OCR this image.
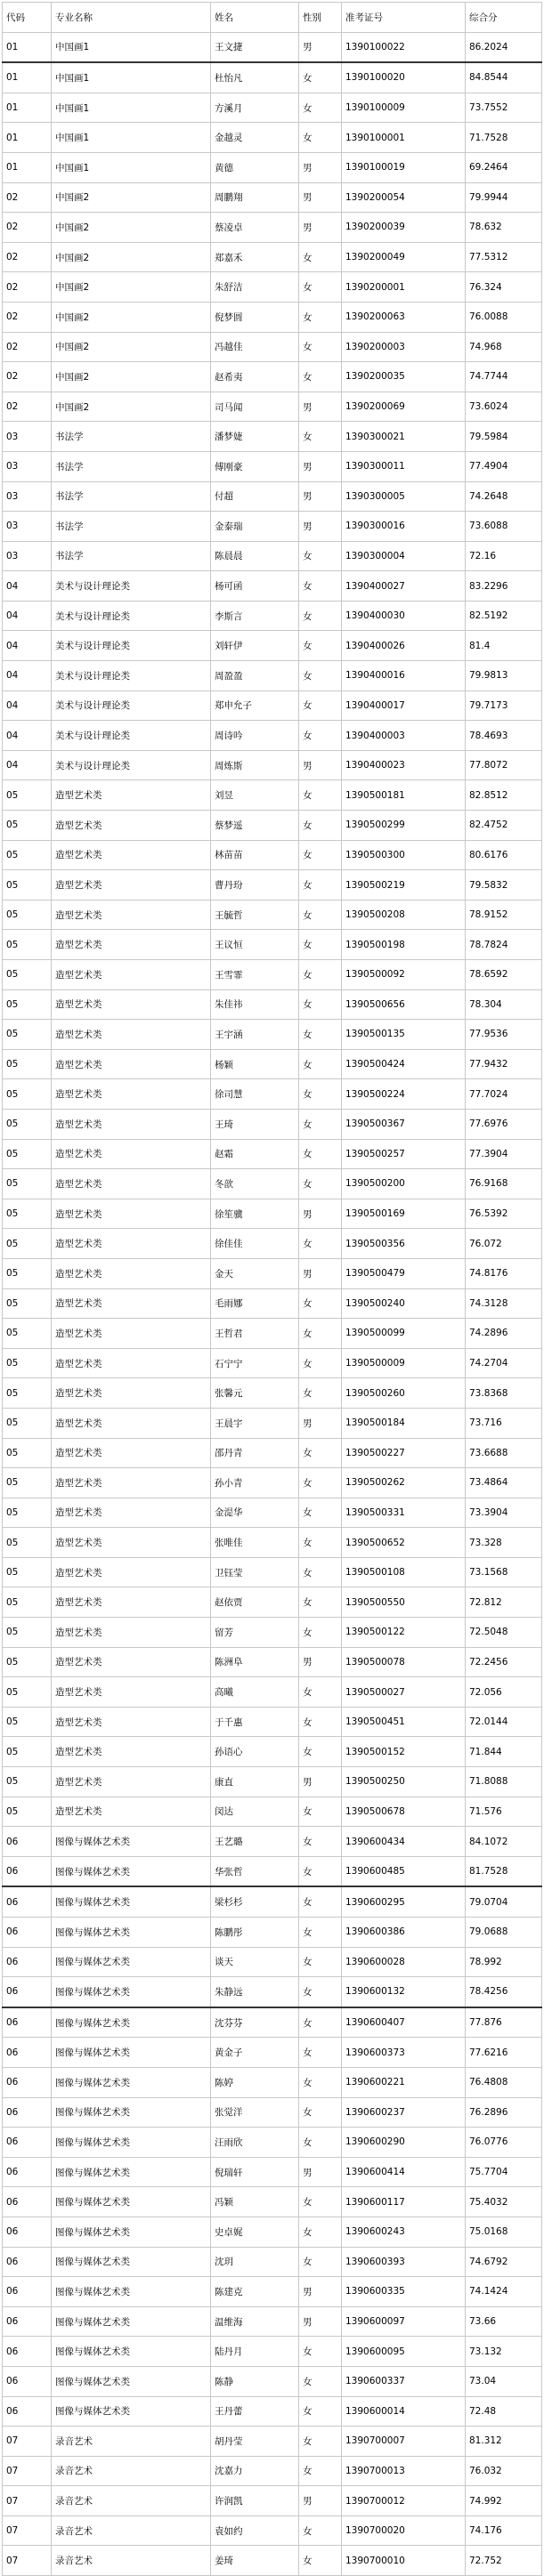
代码	专业名称	姓名	性别	准考证号	综合分
01	中国画1	王文捷	男	1390100022	86.2024
01	中国画1	杜怡凡	女	1390100020	84.8544
01	中国画1	方溪月	女	1390100009	73.7552
01	中国画1	金越灵	女	1390100001	71.7528
01	中国画1	黄德	男	1390100019	69.2464
02	中国画2	周鹏翔	男	1390200054	79.9944
02	中国画2	蔡凌卓	男	1390200039	78.632
02	中国画2	郑嘉禾	女	1390200049	77.5312
02	中国画2	朱舒洁	女	1390200001	76.324
02	中国画2	倪梦圆	女	1390200063	76.0088
02	中国画2	冯越佳	女	1390200003	74.968
02	中国画2	赵希夷	女	1390200035	74.7744
02	中国画2	司马闻	男	1390200069	73.6024
03	书法学	潘梦婕	女	1390300021	79.5984
03	书法学	傅刚豪	男	1390300011	77.4904
03	书法学	付超	男	1390300005	74.2648
03	书法学	金泰瑞	男	1390300016	73.6088
03	书法学	陈晨晨	女	1390300004	72.16
04	美术与设计理论类	杨可函	女	1390400027	83.2296
04	美术与设计理论类	李斯言	女	1390400030	82.5192
04	美术与设计理论类	刘轩伊	女	1390400026	81.4
04	美术与设计理论类	周盈盈	女	1390400016	79.9813
04	美术与设计理论类	郑申允子	女	1390400017	79.7173
04	美术与设计理论类	周诗吟	女	1390400003	78.4693
04	美术与设计理论类	周炼斯	男	1390400023	77.8072
05	造型艺术类	刘昱	女	1390500181	82.8512
05	造型艺术类	蔡梦遥	女	1390500299	82.4752
05	造型艺术类	林苗苗	女	1390500300	80.6176
05	造型艺术类	曹丹玢	女	1390500219	79.5832
05	造型艺术类	王毓哲	女	1390500208	78.9152
05	造型艺术类	王议恒	女	1390500198	78.7824
05	造型艺术类	王雪霏	女	1390500092	78.6592
05	造型艺术类	朱佳祎	女	1390500656	78.304
05	造型艺术类	王宇涵	女	1390500135	77.9536
05	造型艺术类	杨颖	女	1390500424	77.9432
05	造型艺术类	徐司慧	女	1390500224	77.7024
05	造型艺术类	王琦	女	1390500367	77.6976
05	造型艺术类	赵霜	女	1390500257	77.3904
05	造型艺术类	冬歆	女	1390500200	76.9168
05	造型艺术类	徐笙骥	男	1390500169	76.5392
05	造型艺术类	徐佳佳	女	1390500356	76.072
05	造型艺术类	金天	男	1390500479	74.8176
05	造型艺术类	毛雨娜	女	1390500240	74.3128
05	造型艺术类	王哲君	女	1390500099	74.2896
05	造型艺术类	石宁宁	女	1390500009	74.2704
05	造型艺术类	张馨元	女	1390500260	73.8368
05	造型艺术类	王晨宇	男	1390500184	73.716
05	造型艺术类	邵丹青	女	1390500227	73.6688
05	造型艺术类	孙小青	女	1390500262	73.4864
05	造型艺术类	金湜华	女	1390500331	73.3904
05	造型艺术类	张唯佳	女	1390500652	73.328
05	造型艺术类	卫钰莹	女	1390500108	73.1568
05	造型艺术类	赵依贾	女	1390500550	72.812
05	造型艺术类	留芳	女	1390500122	72.5048
05	造型艺术类	陈洲阜	男	1390500078	72.2456
05	造型艺术类	高曦	女	1390500027	72.056
05	造型艺术类	于千惠	女	1390500451	72.0144
05	造型艺术类	孙语心	女	1390500152	71.844
05	造型艺术类	康直	男	1390500250	71.8088
05	造型艺术类	闵达	女	1390500678	71.576
06	图像与媒体艺术类	王艺璐	女	1390600434	84.1072
06	图像与媒体艺术类	华张哲	女	1390600485	81.7528
06	图像与媒体艺术类	梁杉杉	女	1390600295	79.0704
06	图像与媒体艺术类	陈鹏彤	女	1390600386	79.0688
06	图像与媒体艺术类	谈天	女	1390600028	78.992
06	图像与媒体艺术类	朱静远	女	1390600132	78.4256
06	图像与媒体艺术类	沈芬芬	女	1390600407	77.876
06	图像与媒体艺术类	黄金子	女	1390600373	77.6216
06	图像与媒体艺术类	陈婷	女	1390600221	76.4808
06	图像与媒体艺术类	张觉洋	女	1390600237	76.2896
06	图像与媒体艺术类	汪雨欣	女	1390600290	76.0776
06	图像与媒体艺术类	倪瑞轩	男	1390600414	75.7704
06	图像与媒体艺术类	冯颖	女	1390600117	75.4032
06	图像与媒体艺术类	史卓娓	女	1390600243	75.0168
06	图像与媒体艺术类	沈玥	女	1390600393	74.6792
06	图像与媒体艺术类	陈建克	男	1390600335	74.1424
06	图像与媒体艺术类	温维海	男	1390600097	73.66
06	图像与媒体艺术类	陆丹月	女	1390600095	73.132
06	图像与媒体艺术类	陈静	女	1390600337	73.04
06	图像与媒体艺术类	王丹蕾	女	1390600014	72.48
07	录音艺术	胡丹莹	女	1390700007	81.312
07	录音艺术	沈嘉力	女	1390700013	76.032
07	录音艺术	许润凯	男	1390700012	74.992
07	录音艺术	袁如约	女	1390700020	74.176
07	录音艺术	姜琦	女	1390700010	72.752
